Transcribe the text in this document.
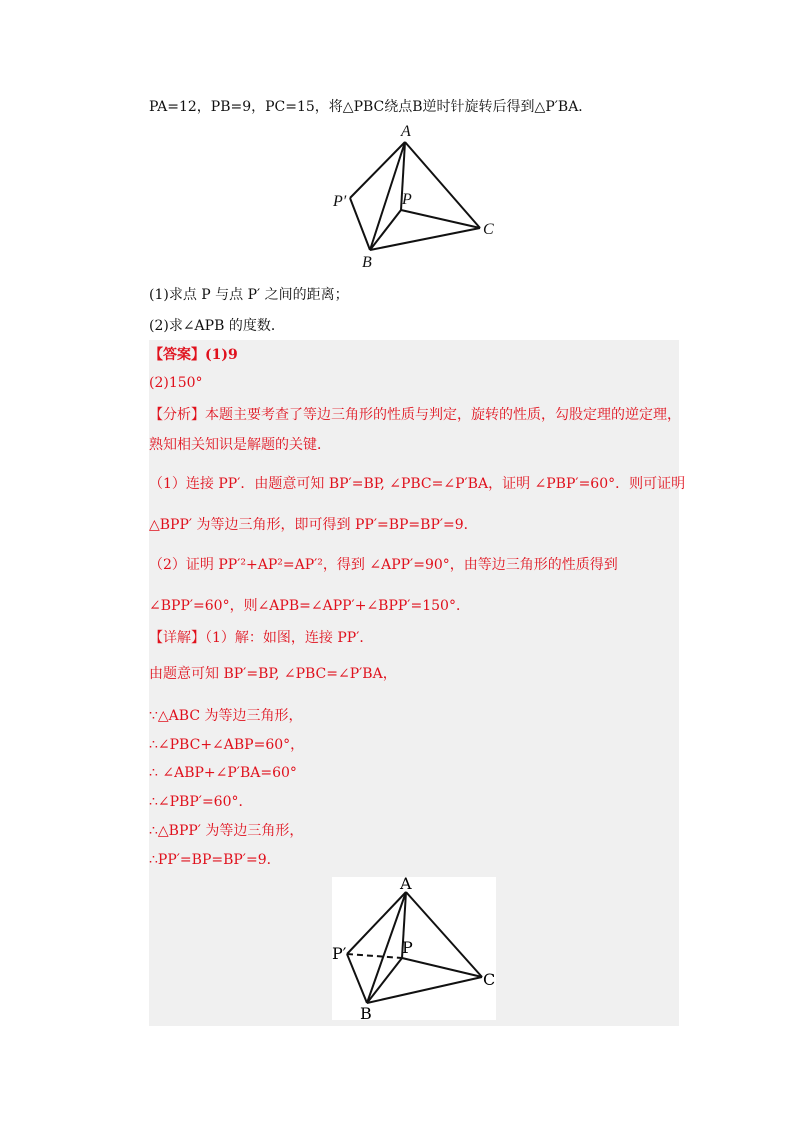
PA=12，PB=9，PC=15，将△PBC绕点B逆时针旋转后得到△P′BA．
A
P′	P
C
B
(1)求点 P 与点 P′ 之间的距离；
(2)求∠APB 的度数．
【答案】(1)9
(2)150°
【分析】本题主要考查了等边三角形的性质与判定，旋转的性质，勾股定理的逆定理，
熟知相关知识是解题的关键．
（1）连接 PP′．由题意可知 BP′=BP, ∠PBC=∠P′BA，证明 ∠PBP′=60°．则可证明
△BPP′ 为等边三角形，即可得到 PP′=BP=BP′=9．
（2）证明 PP′²+AP²=AP′²，得到 ∠APP′=90°，由等边三角形的性质得到
∠BPP′=60°，则∠APB=∠APP′+∠BPP′=150°．
【详解】（1）解：如图，连接 PP′．
由题意可知 BP′=BP, ∠PBC=∠P′BA，
∵△ABC 为等边三角形，
∴∠PBC+∠ABP=60°，
∴ ∠ABP+∠P′BA=60°
∴∠PBP′=60°．
∴△BPP′ 为等边三角形，
∴PP′=BP=BP′=9．
A
P′	P
C
B
